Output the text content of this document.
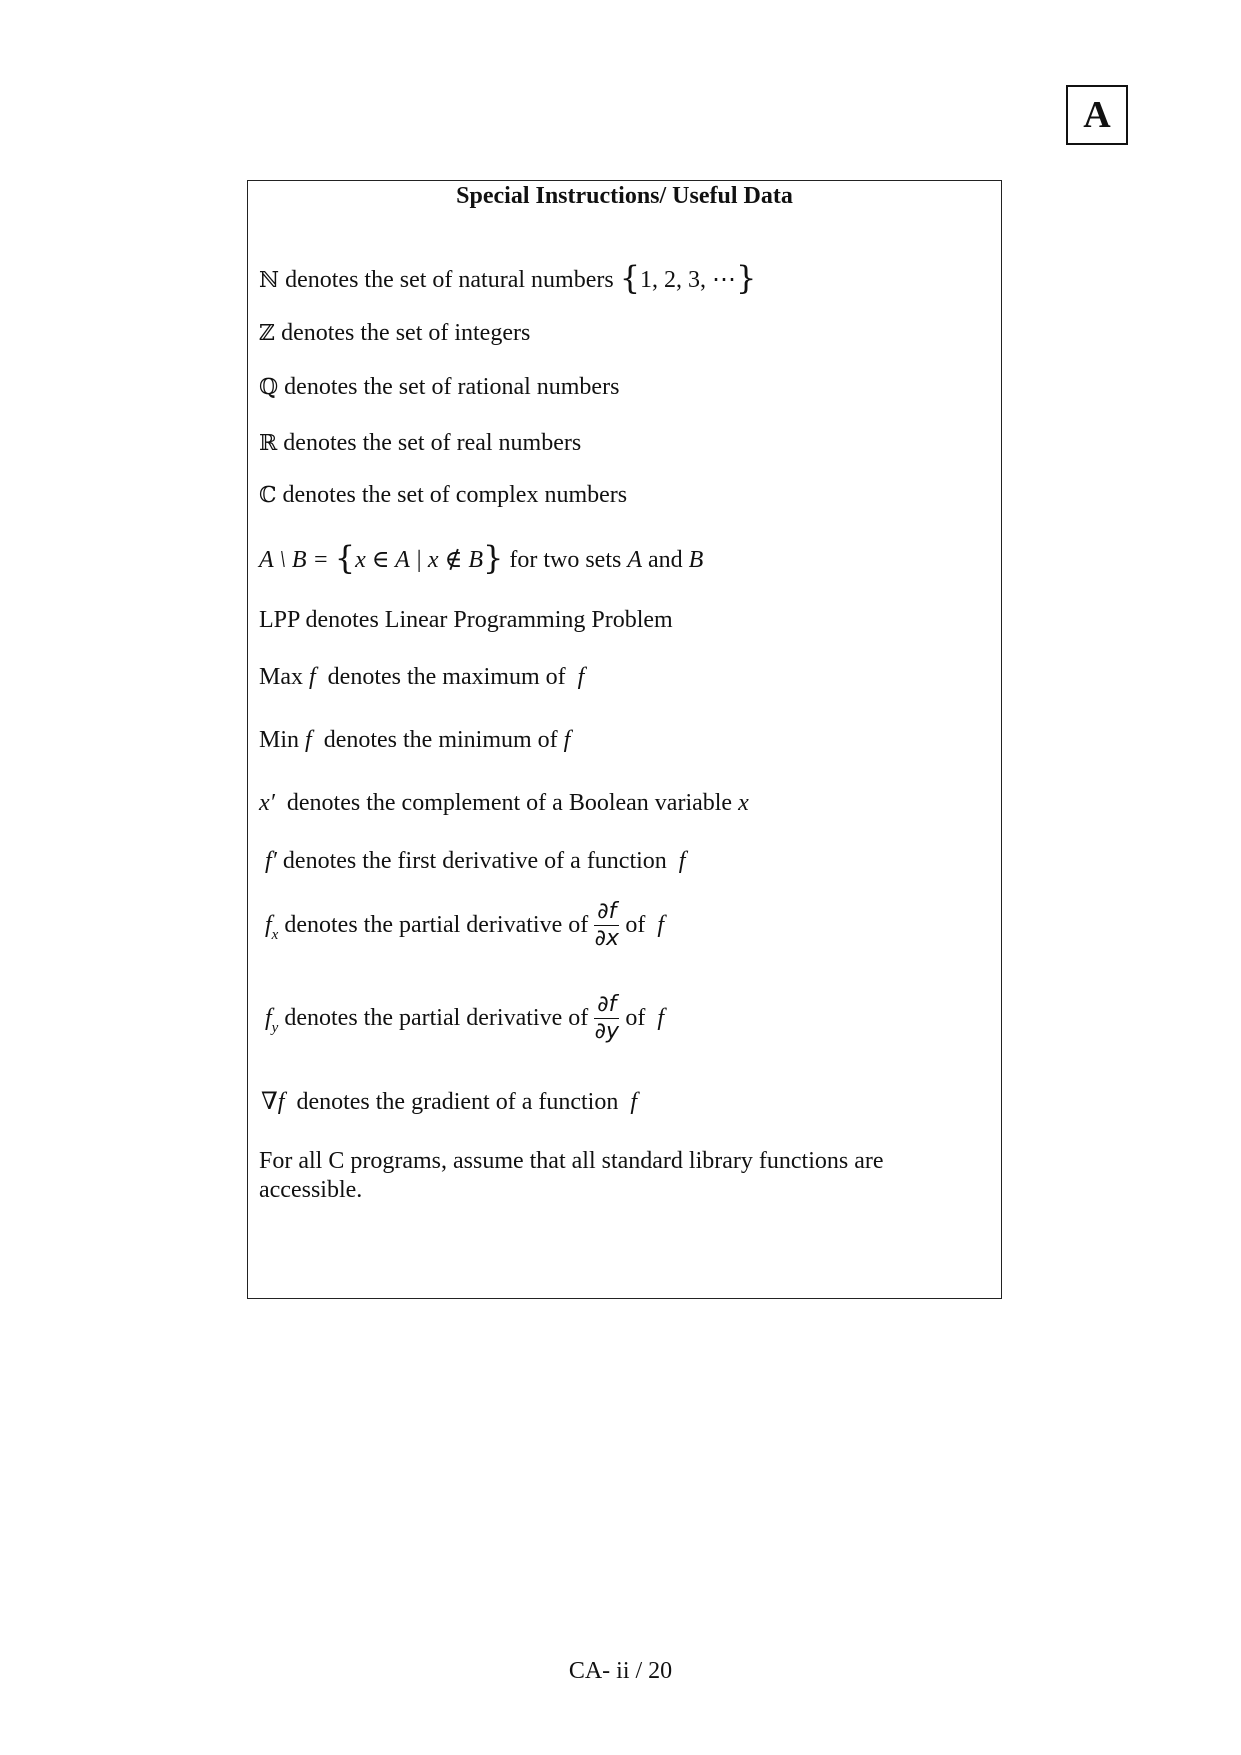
A
Special Instructions/ Useful Data
ℕ denotes the set of natural numbers {1, 2, 3, ⋯}
ℤ denotes the set of integers
ℚ denotes the set of rational numbers
ℝ denotes the set of real numbers
ℂ denotes the set of complex numbers
A \ B = {x ∈ A | x ∉ B} for two sets A and B
LPP denotes Linear Programming Problem
Max f denotes the maximum of f
Min f denotes the minimum of f
x′ denotes the complement of a Boolean variable x
f′ denotes the first derivative of a function f
$f_x$ denotes the partial derivative of $\frac{\partial f}{\partial x}$ of f
$f_y$ denotes the partial derivative of $\frac{\partial f}{\partial y}$ of f
∇f denotes the gradient of a function f
For all C programs, assume that all standard library functions are accessible.
CA- ii / 20
